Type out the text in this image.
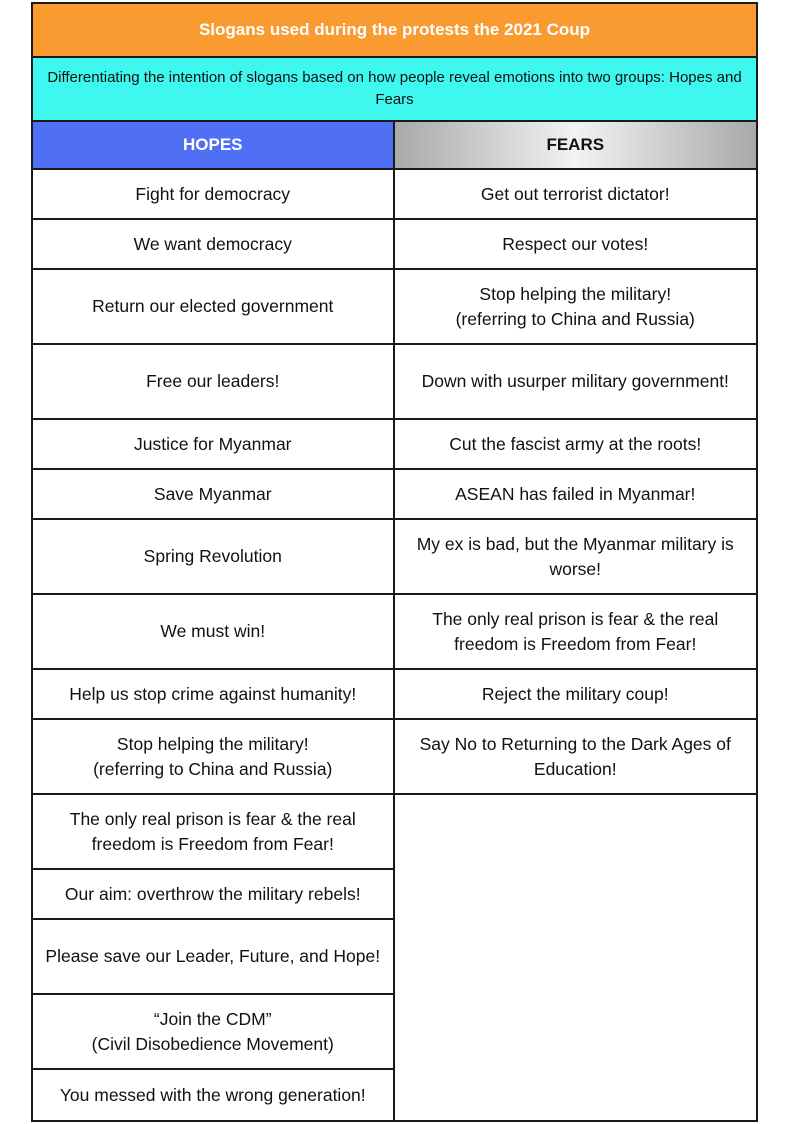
Slogans used during the protests the 2021 Coup
Differentiating the intention of slogans based on how people reveal emotions into two groups: Hopes and Fears
HOPES
Fight for democracy
We want democracy
Return our elected government
Free our leaders!
Justice for Myanmar
Save Myanmar
Spring Revolution
We must win!
Help us stop crime against humanity!
Stop helping the military!
(referring to China and Russia)
The only real prison is fear & the real freedom is Freedom from Fear!
Our aim: overthrow the military rebels!
Please save our Leader, Future, and Hope!
“Join the CDM”
(Civil Disobedience Movement)
You messed with the wrong generation!
FEARS
Get out terrorist dictator!
Respect our votes!
Stop helping the military!
(referring to China and Russia)
Down with usurper military government!
Cut the fascist army at the roots!
ASEAN has failed in Myanmar!
My ex is bad, but the Myanmar military is worse!
The only real prison is fear & the real freedom is Freedom from Fear!
Reject the military coup!
Say No to Returning to the Dark Ages of Education!
